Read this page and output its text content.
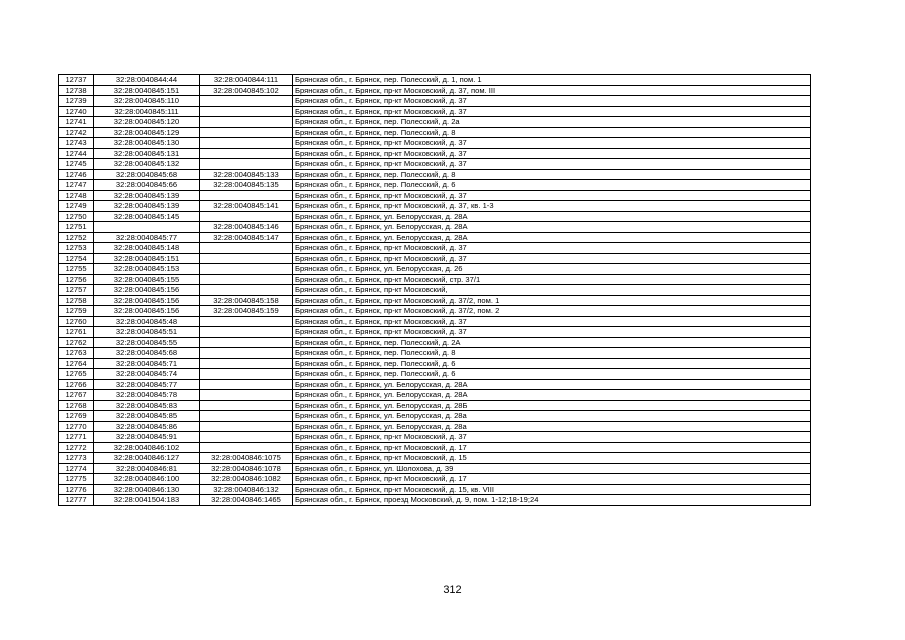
12737	32:28:0040844:44	32:28:0040844:111	Брянская обл., г. Брянск, пер. Полесский, д. 1, пом. 1
12738	32:28:0040845:151	32:28:0040845:102	Брянская обл., г. Брянск, пр-кт Московский, д. 37, пом. III
12739	32:28:0040845:110		Брянская обл., г. Брянск, пр-кт Московский, д. 37
12740	32:28:0040845:111		Брянская обл., г. Брянск, пр-кт Московский, д. 37
12741	32:28:0040845:120		Брянская обл., г. Брянск, пер. Полесский, д. 2а
12742	32:28:0040845:129		Брянская обл., г. Брянск, пер. Полесский, д. 8
12743	32:28:0040845:130		Брянская обл., г. Брянск, пр-кт Московский, д. 37
12744	32:28:0040845:131		Брянская обл., г. Брянск, пр-кт Московский, д. 37
12745	32:28:0040845:132		Брянская обл., г. Брянск, пр-кт Московский, д. 37
12746	32:28:0040845:68	32:28:0040845:133	Брянская обл., г. Брянск, пер. Полесский, д. 8
12747	32:28:0040845:66	32:28:0040845:135	Брянская обл., г. Брянск, пер. Полесский, д. 6
12748	32:28:0040845:139		Брянская обл., г. Брянск, пр-кт Московский, д. 37
12749	32:28:0040845:139	32:28:0040845:141	Брянская обл., г. Брянск, пр-кт Московский, д. 37, кв. 1-3
12750	32:28:0040845:145		Брянская обл., г. Брянск, ул. Белорусская, д. 28А
12751		32:28:0040845:146	Брянская обл., г. Брянск, ул. Белорусская, д. 28А
12752	32:28:0040845:77	32:28:0040845:147	Брянская обл., г. Брянск, ул. Белорусская, д. 28А
12753	32:28:0040845:148		Брянская обл., г. Брянск, пр-кт Московский, д. 37
12754	32:28:0040845:151		Брянская обл., г. Брянск, пр-кт Московский, д. 37
12755	32:28:0040845:153		Брянская обл., г. Брянск, ул. Белорусская, д. 26
12756	32:28:0040845:155		Брянская обл., г. Брянск, пр-кт Московский, стр. 37/1
12757	32:28:0040845:156		Брянская обл., г. Брянск, пр-кт Московский,
12758	32:28:0040845:156	32:28:0040845:158	Брянская обл., г. Брянск, пр-кт Московский, д. 37/2, пом. 1
12759	32:28:0040845:156	32:28:0040845:159	Брянская обл., г. Брянск, пр-кт Московский, д. 37/2, пом. 2
12760	32:28:0040845:48		Брянская обл., г. Брянск, пр-кт Московский, д. 37
12761	32:28:0040845:51		Брянская обл., г. Брянск, пр-кт Московский, д. 37
12762	32:28:0040845:55		Брянская обл., г. Брянск, пер. Полесский, д. 2А
12763	32:28:0040845:68		Брянская обл., г. Брянск, пер. Полесский, д. 8
12764	32:28:0040845:71		Брянская обл., г. Брянск, пер. Полесский, д. 6
12765	32:28:0040845:74		Брянская обл., г. Брянск, пер. Полесский, д. 6
12766	32:28:0040845:77		Брянская обл., г. Брянск, ул. Белорусская, д. 28А
12767	32:28:0040845:78		Брянская обл., г. Брянск, ул. Белорусская, д. 28А
12768	32:28:0040845:83		Брянская обл., г. Брянск, ул. Белорусская, д. 28Б
12769	32:28:0040845:85		Брянская обл., г. Брянск, ул. Белорусская, д. 28а
12770	32:28:0040845:86		Брянская обл., г. Брянск, ул. Белорусская, д. 28а
12771	32:28:0040845:91		Брянская обл., г. Брянск, пр-кт Московский, д. 37
12772	32:28:0040846:102		Брянская обл., г. Брянск, пр-кт Московский, д. 17
12773	32:28:0040846:127	32:28:0040846:1075	Брянская обл., г. Брянск, пр-кт Московский, д. 15
12774	32:28:0040846:81	32:28:0040846:1078	Брянская обл., г. Брянск, ул. Шолохова, д. 39
12775	32:28:0040846:100	32:28:0040846:1082	Брянская обл., г. Брянск, пр-кт Московский, д. 17
12776	32:28:0040846:130	32:28:0040846:132	Брянская обл., г. Брянск, пр-кт Московский, д. 15, кв. VIII
12777	32:28:0041504:183	32:28:0040846:1465	Брянская обл., г. Брянск, проезд Московский, д. 9, пом. 1-12;18-19;24
312
